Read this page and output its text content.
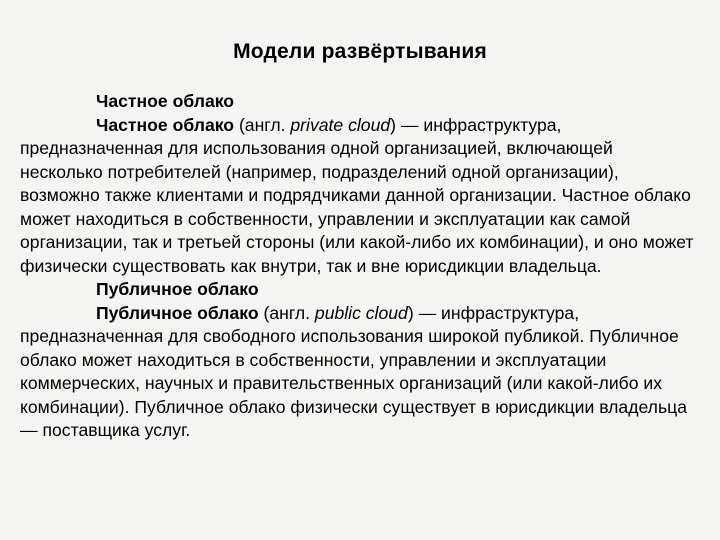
Модели развёртывания

Частное облако

Частное облако (англ. private cloud) — инфраструктура, предназначенная для использования одной организацией, включающей несколько потребителей (например, подразделений одной организации), возможно также клиентами и подрядчиками данной организации. Частное облако может находиться в собственности, управлении и эксплуатации как самой организации, так и третьей стороны (или какой-либо их комбинации), и оно может физически существовать как внутри, так и вне юрисдикции владельца.

Публичное облако

Публичное облако (англ. public cloud) — инфраструктура, предназначенная для свободного использования широкой публикой. Публичное облако может находиться в собственности, управлении и эксплуатации коммерческих, научных и правительственных организаций (или какой-либо их комбинации). Публичное облако физически существует в юрисдикции владельца — поставщика услуг.
